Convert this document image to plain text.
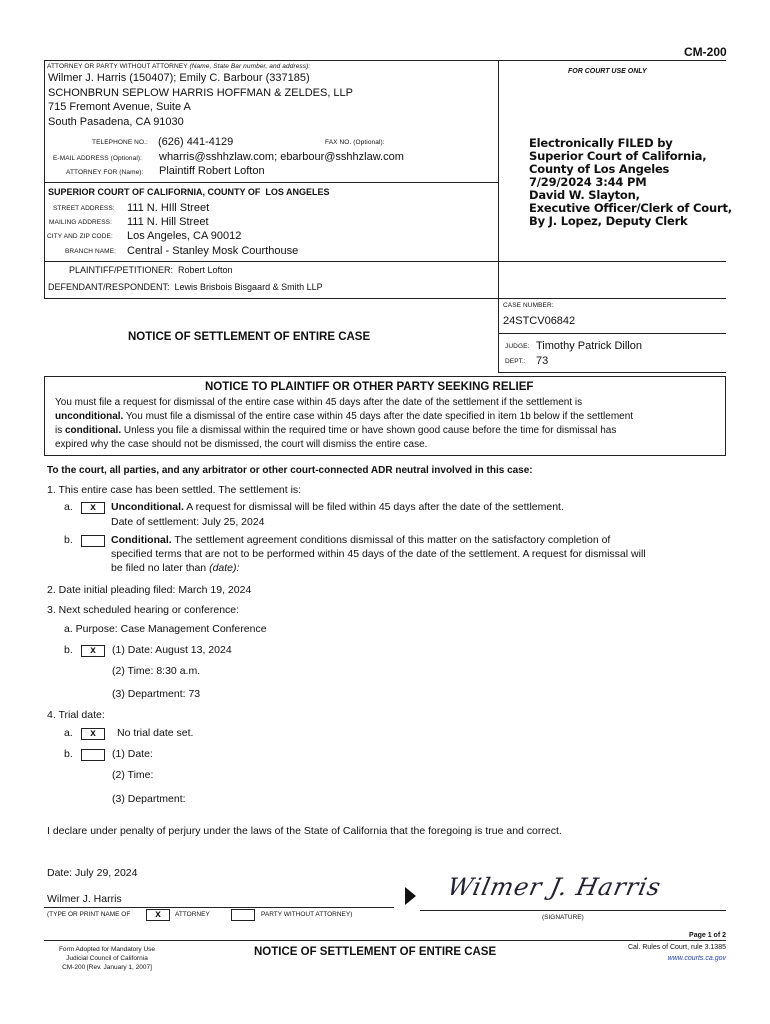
CM-200
ATTORNEY OR PARTY WITHOUT ATTORNEY (Name, State Bar number, and address):
Wilmer J. Harris (150407); Emily C. Barbour (337185)
SCHONBRUN SEPLOW HARRIS HOFFMAN & ZELDES, LLP
715 Fremont Avenue, Suite A
South Pasadena, CA 91030
TELEPHONE NO.: (626) 441-4129	FAX NO. (Optional):
E-MAIL ADDRESS (Optional): wharris@sshhzlaw.com; ebarbour@sshhzlaw.com
ATTORNEY FOR (Name): Plaintiff Robert Lofton
FOR COURT USE ONLY
Electronically FILED by
Superior Court of California,
County of Los Angeles
7/29/2024 3:44 PM
David W. Slayton,
Executive Officer/Clerk of Court,
By J. Lopez, Deputy Clerk
SUPERIOR COURT OF CALIFORNIA, COUNTY OF LOS ANGELES
STREET ADDRESS: 111 N. HIll Street
MAILING ADDRESS: 111 N. Hill Street
CITY AND ZIP CODE: Los Angeles, CA 90012
BRANCH NAME: Central - Stanley Mosk Courthouse
PLAINTIFF/PETITIONER: Robert Lofton
DEFENDANT/RESPONDENT: Lewis Brisbois Bisgaard & Smith LLP
NOTICE OF SETTLEMENT OF ENTIRE CASE
CASE NUMBER:
24STCV06842
JUDGE: Timothy Patrick Dillon
DEPT.: 73
NOTICE TO PLAINTIFF OR OTHER PARTY SEEKING RELIEF
You must file a request for dismissal of the entire case within 45 days after the date of the settlement if the settlement is
unconditional. You must file a dismissal of the entire case within 45 days after the date specified in item 1b below if the settlement
is conditional. Unless you file a dismissal within the required time or have shown good cause before the time for dismissal has
expired why the case should not be dismissed, the court will dismiss the entire case.
To the court, all parties, and any arbitrator or other court-connected ADR neutral involved in this case:
1. This entire case has been settled. The settlement is:
a.	x	Unconditional. A request for dismissal will be filed within 45 days after the date of the settlement.
Date of settlement: July 25, 2024
b.	Conditional. The settlement agreement conditions dismissal of this matter on the satisfactory completion of
specified terms that are not to be performed within 45 days of the date of the settlement. A request for dismissal will
be filed no later than (date):
2. Date initial pleading filed: March 19, 2024
3. Next scheduled hearing or conference:
a. Purpose: Case Management Conference
b.	x	(1) Date: August 13, 2024
(2) Time: 8:30 a.m.
(3) Department: 73
4. Trial date:
a.	x	No trial date set.
b.	(1) Date:
(2) Time:
(3) Department:
I declare under penalty of perjury under the laws of the State of California that the foregoing is true and correct.
Date: July 29, 2024
Wilmer J. Harris
(TYPE OR PRINT NAME OF	x	ATTORNEY	PARTY WITHOUT ATTORNEY)
Wilmer J. Harris
(SIGNATURE)
Form Adopted for Mandatory Use
Judicial Council of California
CM-200 [Rev. January 1, 2007]
NOTICE OF SETTLEMENT OF ENTIRE CASE
Page 1 of 2
Cal. Rules of Court, rule 3.1385
www.courts.ca.gov
